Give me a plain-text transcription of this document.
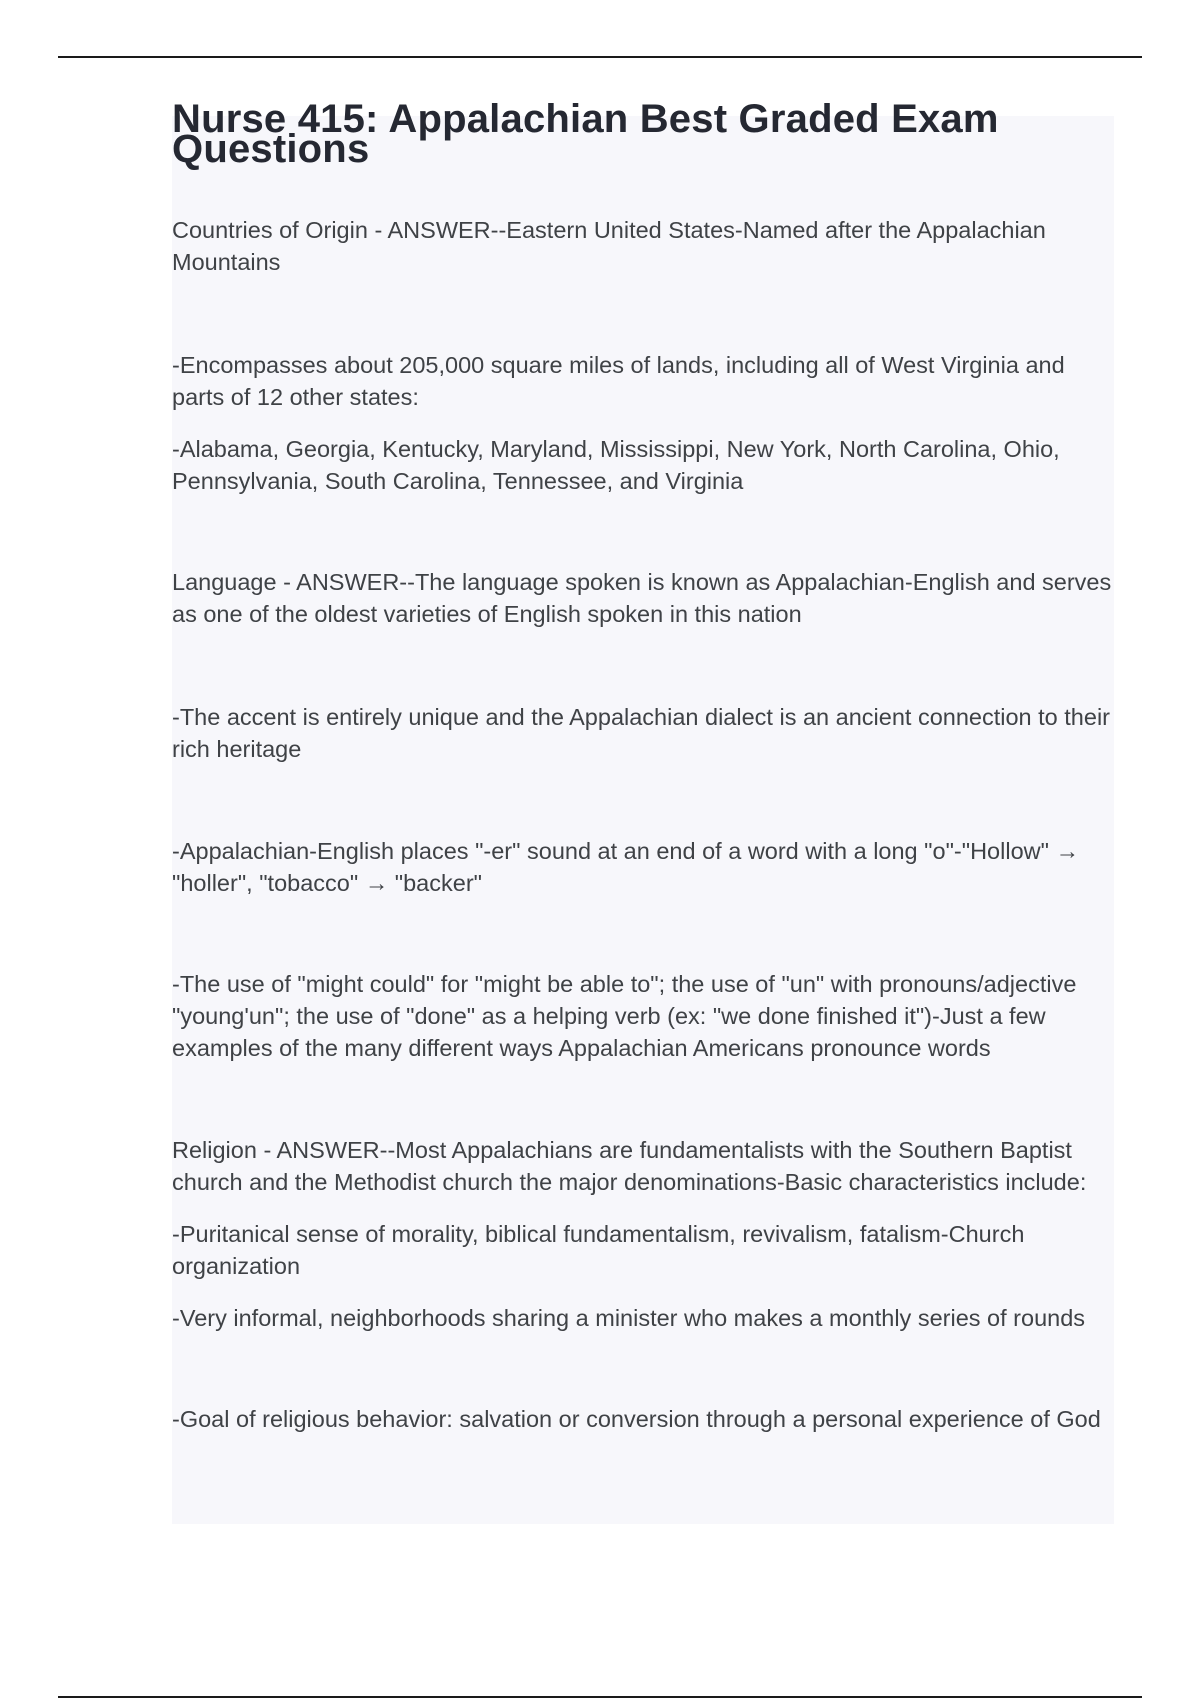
Nurse 415: Appalachian Best Graded Exam Questions

Countries of Origin - ANSWER--Eastern United States-Named after the Appalachian Mountains

-Encompasses about 205,000 square miles of lands, including all of West Virginia and parts of 12 other states:

-Alabama, Georgia, Kentucky, Maryland, Mississippi, New York, North Carolina, Ohio, Pennsylvania, South Carolina, Tennessee, and Virginia

Language - ANSWER--The language spoken is known as Appalachian-English and serves as one of the oldest varieties of English spoken in this nation

-The accent is entirely unique and the Appalachian dialect is an ancient connection to their rich heritage

-Appalachian-English places "-er" sound at an end of a word with a long "o"-"Hollow" → "holler", "tobacco" → "backer"

-The use of "might could" for "might be able to"; the use of "un" with pronouns/adjective "young'un"; the use of "done" as a helping verb (ex: "we done finished it")-Just a few examples of the many different ways Appalachian Americans pronounce words

Religion - ANSWER--Most Appalachians are fundamentalists with the Southern Baptist church and the Methodist church the major denominations-Basic characteristics include:

-Puritanical sense of morality, biblical fundamentalism, revivalism, fatalism-Church organization

-Very informal, neighborhoods sharing a minister who makes a monthly series of rounds

-Goal of religious behavior: salvation or conversion through a personal experience of God
